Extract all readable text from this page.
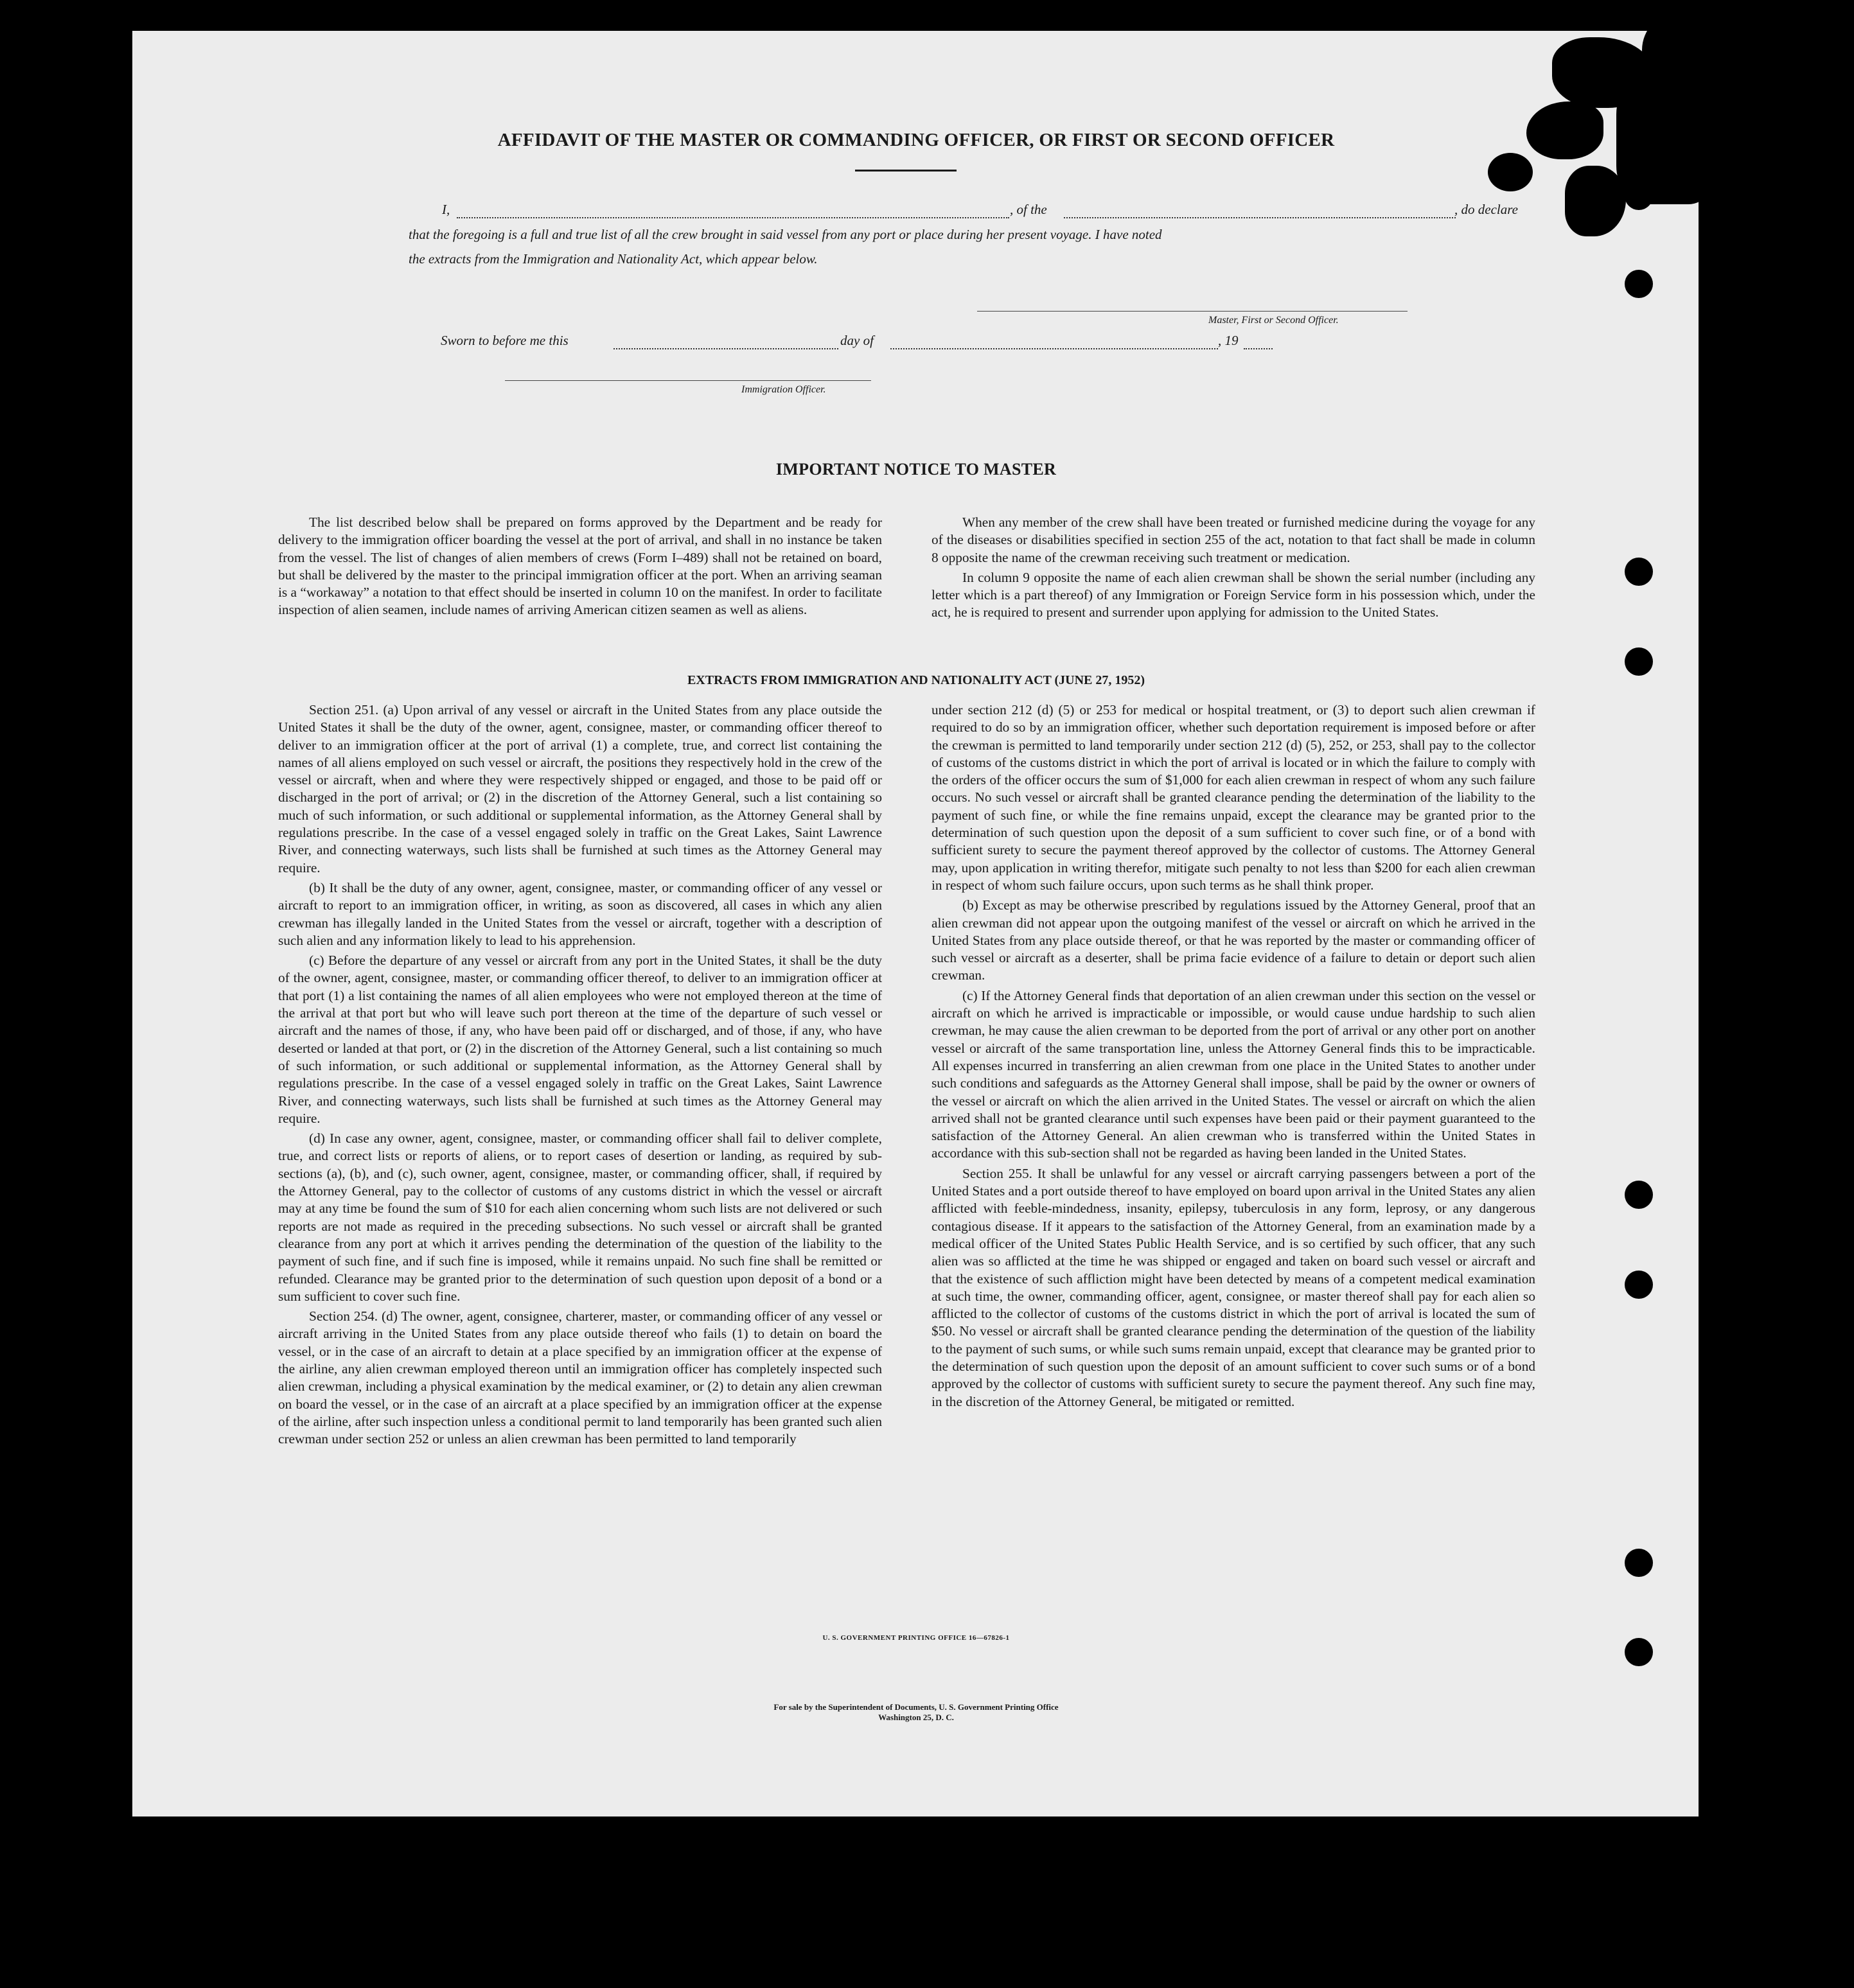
AFFIDAVIT OF THE MASTER OR COMMANDING OFFICER, OR FIRST OR SECOND OFFICER
I,	, of the	, do declare
that the foregoing is a full and true list of all the crew brought in said vessel from any port or place during her present voyage. I have noted
the extracts from the Immigration and Nationality Act, which appear below.
Master, First or Second Officer.
Sworn to before me this	day of	, 19
Immigration Officer.
IMPORTANT NOTICE TO MASTER

The list described below shall be prepared on forms approved by the Department and be ready for delivery to the immigration officer boarding the vessel at the port of arrival, and shall in no instance be taken from the vessel. The list of changes of alien members of crews (Form I–489) shall not be retained on board, but shall be delivered by the master to the principal immigration officer at the port. When an arriving seaman is a “workaway” a notation to that effect should be inserted in column 10 on the manifest. In order to facilitate inspection of alien seamen, include names of arriving American citizen seamen as well as aliens.

When any member of the crew shall have been treated or furnished medicine during the voyage for any of the diseases or disabilities specified in section 255 of the act, notation to that fact shall be made in column 8 opposite the name of the crewman receiving such treatment or medication.

In column 9 opposite the name of each alien crewman shall be shown the serial number (including any letter which is a part thereof) of any Immigration or Foreign Service form in his possession which, under the act, he is required to present and surrender upon applying for admission to the United States.

EXTRACTS FROM IMMIGRATION AND NATIONALITY ACT (JUNE 27, 1952)

Section 251. (a) Upon arrival of any vessel or aircraft in the United States from any place outside the United States it shall be the duty of the owner, agent, consignee, master, or commanding officer thereof to deliver to an immigration officer at the port of arrival (1) a complete, true, and correct list containing the names of all aliens employed on such vessel or aircraft, the positions they respectively hold in the crew of the vessel or aircraft, when and where they were respectively shipped or engaged, and those to be paid off or discharged in the port of arrival; or (2) in the discretion of the Attorney General, such a list containing so much of such information, or such additional or supplemental information, as the Attorney General shall by regulations prescribe. In the case of a vessel engaged solely in traffic on the Great Lakes, Saint Lawrence River, and connecting waterways, such lists shall be furnished at such times as the Attorney General may require.

(b) It shall be the duty of any owner, agent, consignee, master, or commanding officer of any vessel or aircraft to report to an immigration officer, in writing, as soon as discovered, all cases in which any alien crewman has illegally landed in the United States from the vessel or aircraft, together with a description of such alien and any information likely to lead to his apprehension.

(c) Before the departure of any vessel or aircraft from any port in the United States, it shall be the duty of the owner, agent, consignee, master, or commanding officer thereof, to deliver to an immigration officer at that port (1) a list containing the names of all alien employees who were not employed thereon at the time of the arrival at that port but who will leave such port thereon at the time of the departure of such vessel or aircraft and the names of those, if any, who have been paid off or discharged, and of those, if any, who have deserted or landed at that port, or (2) in the discretion of the Attorney General, such a list containing so much of such information, or such additional or supplemental information, as the Attorney General shall by regulations prescribe. In the case of a vessel engaged solely in traffic on the Great Lakes, Saint Lawrence River, and connecting waterways, such lists shall be furnished at such times as the Attorney General may require.

(d) In case any owner, agent, consignee, master, or commanding officer shall fail to deliver complete, true, and correct lists or reports of aliens, or to report cases of desertion or landing, as required by sub-sections (a), (b), and (c), such owner, agent, consignee, master, or commanding officer, shall, if required by the Attorney General, pay to the collector of customs of any customs district in which the vessel or aircraft may at any time be found the sum of $10 for each alien concerning whom such lists are not delivered or such reports are not made as required in the preceding subsections. No such vessel or aircraft shall be granted clearance from any port at which it arrives pending the determination of the question of the liability to the payment of such fine, and if such fine is imposed, while it remains unpaid. No such fine shall be remitted or refunded. Clearance may be granted prior to the determination of such question upon deposit of a bond or a sum sufficient to cover such fine.

Section 254. (d) The owner, agent, consignee, charterer, master, or commanding officer of any vessel or aircraft arriving in the United States from any place outside thereof who fails (1) to detain on board the vessel, or in the case of an aircraft to detain at a place specified by an immigration officer at the expense of the airline, any alien crewman employed thereon until an immigration officer has completely inspected such alien crewman, including a physical examination by the medical examiner, or (2) to detain any alien crewman on board the vessel, or in the case of an aircraft at a place specified by an immigration officer at the expense of the airline, after such inspection unless a conditional permit to land temporarily has been granted such alien crewman under section 252 or unless an alien crewman has been permitted to land temporarily

under section 212 (d) (5) or 253 for medical or hospital treatment, or (3) to deport such alien crewman if required to do so by an immigration officer, whether such deportation requirement is imposed before or after the crewman is permitted to land temporarily under section 212 (d) (5), 252, or 253, shall pay to the collector of customs of the customs district in which the port of arrival is located or in which the failure to comply with the orders of the officer occurs the sum of $1,000 for each alien crewman in respect of whom any such failure occurs. No such vessel or aircraft shall be granted clearance pending the determination of the liability to the payment of such fine, or while the fine remains unpaid, except the clearance may be granted prior to the determination of such question upon the deposit of a sum sufficient to cover such fine, or of a bond with sufficient surety to secure the payment thereof approved by the collector of customs. The Attorney General may, upon application in writing therefor, mitigate such penalty to not less than $200 for each alien crewman in respect of whom such failure occurs, upon such terms as he shall think proper.

(b) Except as may be otherwise prescribed by regulations issued by the Attorney General, proof that an alien crewman did not appear upon the outgoing manifest of the vessel or aircraft on which he arrived in the United States from any place outside thereof, or that he was reported by the master or commanding officer of such vessel or aircraft as a deserter, shall be prima facie evidence of a failure to detain or deport such alien crewman.

(c) If the Attorney General finds that deportation of an alien crewman under this section on the vessel or aircraft on which he arrived is impracticable or impossible, or would cause undue hardship to such alien crewman, he may cause the alien crewman to be deported from the port of arrival or any other port on another vessel or aircraft of the same transportation line, unless the Attorney General finds this to be impracticable. All expenses incurred in transferring an alien crewman from one place in the United States to another under such conditions and safeguards as the Attorney General shall impose, shall be paid by the owner or owners of the vessel or aircraft on which the alien arrived in the United States. The vessel or aircraft on which the alien arrived shall not be granted clearance until such expenses have been paid or their payment guaranteed to the satisfaction of the Attorney General. An alien crewman who is transferred within the United States in accordance with this sub-section shall not be regarded as having been landed in the United States.

Section 255. It shall be unlawful for any vessel or aircraft carrying passengers between a port of the United States and a port outside thereof to have employed on board upon arrival in the United States any alien afflicted with feeble-mindedness, insanity, epilepsy, tuberculosis in any form, leprosy, or any dangerous contagious disease. If it appears to the satisfaction of the Attorney General, from an examination made by a medical officer of the United States Public Health Service, and is so certified by such officer, that any such alien was so afflicted at the time he was shipped or engaged and taken on board such vessel or aircraft and that the existence of such affliction might have been detected by means of a competent medical examination at such time, the owner, commanding officer, agent, consignee, or master thereof shall pay for each alien so afflicted to the collector of customs of the customs district in which the port of arrival is located the sum of $50. No vessel or aircraft shall be granted clearance pending the determination of the question of the liability to the payment of such sums, or while such sums remain unpaid, except that clearance may be granted prior to the determination of such question upon the deposit of an amount sufficient to cover such sums or of a bond approved by the collector of customs with sufficient surety to secure the payment thereof. Any such fine may, in the discretion of the Attorney General, be mitigated or remitted.

U. S. GOVERNMENT PRINTING OFFICE 16—67826-1
For sale by the Superintendent of Documents, U. S. Government Printing Office
Washington 25, D. C.
